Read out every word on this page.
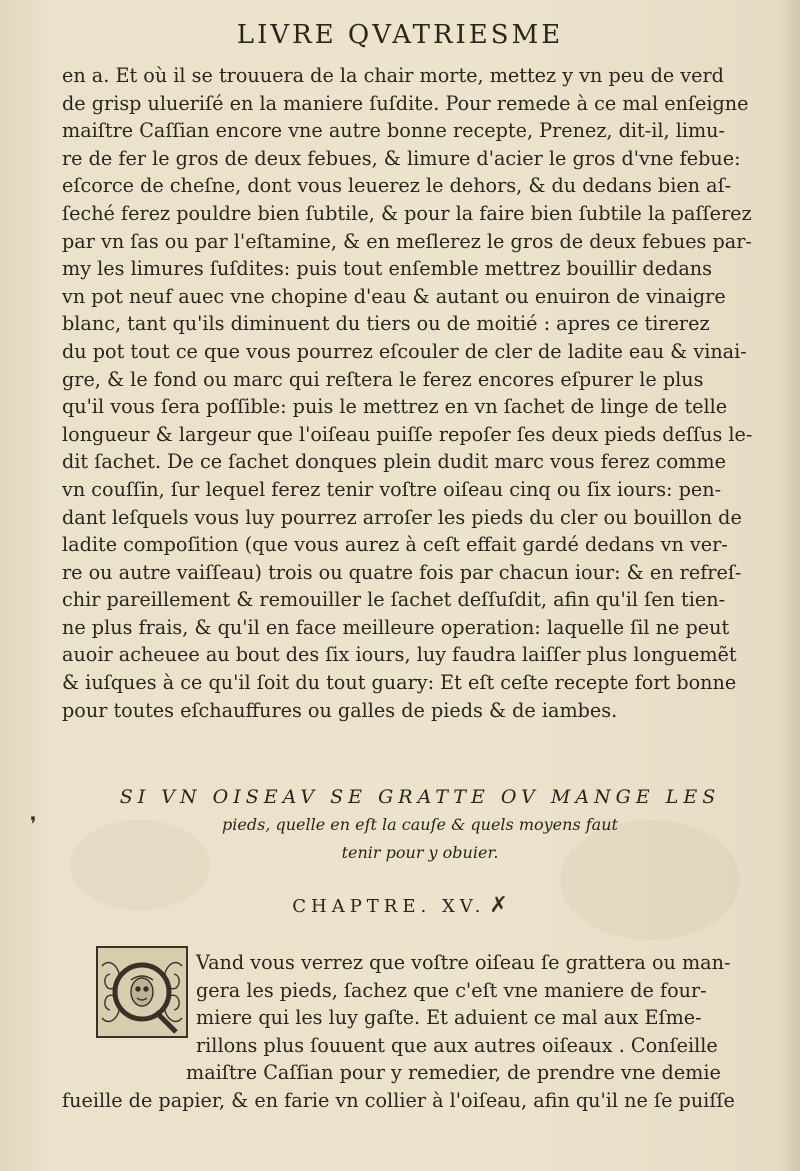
LIVRE QVATRIESME
en a. Et où il se trouuera de la chair morte, mettez y vn peu de verd
de grisp ulueriſé en la maniere ſuſdite. Pour remede à ce mal enſeigne
maiſtre Caſſian encore vne autre bonne recepte, Prenez, dit-il, limu-
re de fer le gros de deux febues, & limure d'acier le gros d'vne febue:
eſcorce de cheſne, dont vous leuerez le dehors, & du dedans bien aſ-
ſeché ferez pouldre bien ſubtile, & pour la faire bien ſubtile la paſſerez
par vn ſas ou par l'eſtamine, & en meſlerez le gros de deux febues par-
my les limures ſuſdites: puis tout enſemble mettrez bouillir dedans
vn pot neuf auec vne chopine d'eau & autant ou enuiron de vinaigre
blanc, tant qu'ils diminuent du tiers ou de moitié : apres ce tirerez
du pot tout ce que vous pourrez eſcouler de cler de ladite eau & vinai-
gre, & le fond ou marc qui reſtera le ferez encores eſpurer le plus
qu'il vous ſera poſſible: puis le mettrez en vn ſachet de linge de telle
longueur & largeur que l'oiſeau puiſſe repoſer ſes deux pieds deſſus le-
dit ſachet. De ce ſachet donques plein dudit marc vous ferez comme
vn couſſin, ſur lequel ferez tenir voſtre oiſeau cinq ou ſix iours: pen-
dant leſquels vous luy pourrez arroſer les pieds du cler ou bouillon de
ladite compoſition (que vous aurez à ceſt effait gardé dedans vn ver-
re ou autre vaiſſeau) trois ou quatre fois par chacun iour: & en refreſ-
chir pareillement & remouiller le ſachet deſſuſdit, afin qu'il ſen tien-
ne plus frais, & qu'il en face meilleure operation: laquelle ſil ne peut
auoir acheuee au bout des ſix iours, luy faudra laiſſer plus longuemẽt
& iuſques à ce qu'il ſoit du tout guary: Et eſt ceſte recepte fort bonne
pour toutes eſchauffures ou galles de pieds & de iambes.
SI VN OISEAV SE GRATTE OV MANGE LES
pieds, quelle en eſt la cauſe & quels moyens faut
tenir pour y obuier.
CHAPTRE. XV. ✗
Vand vous verrez que voſtre oiſeau ſe grattera ou man-
gera les pieds, ſachez que c'eſt vne maniere de four-
miere qui les luy gaſte. Et aduient ce mal aux Eſme-
rillons plus ſouuent que aux autres oiſeaux . Conſeille
maiſtre Caſſian pour y remedier, de prendre vne demie
fueille de papier, & en farie vn collier à l'oiſeau, afin qu'il ne ſe puiſſe
❜
